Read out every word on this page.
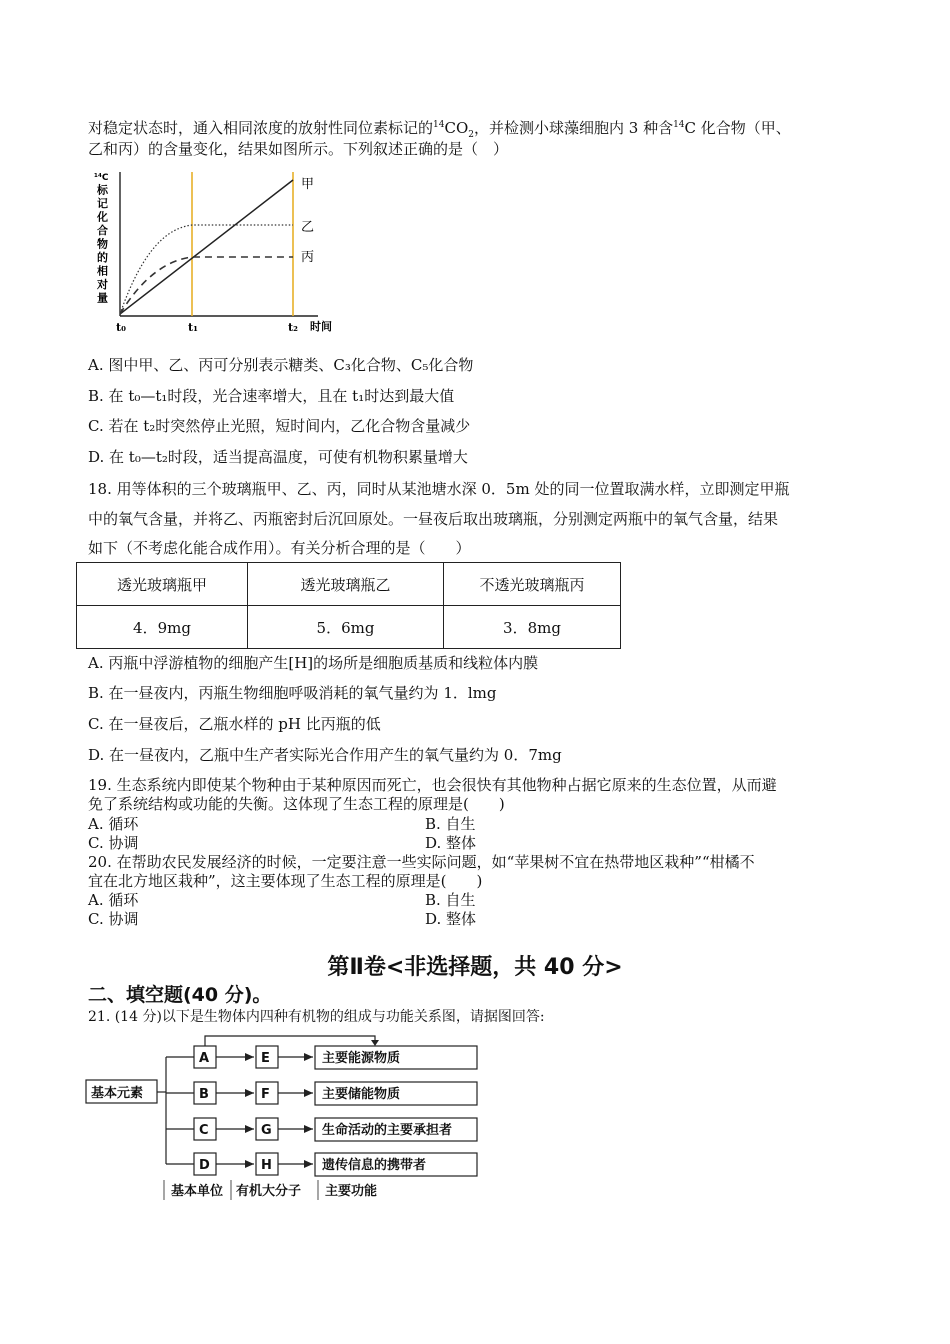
对稳定状态时，通入相同浓度的放射性同位素标记的$^{14}CO_2$，并检测小球藻细胞内 3 种含$^{14}$C 化合物（甲、
乙和丙）的含量变化，结果如图所示。下列叙述正确的是（　）
¹⁴C
标
记
化
合
物
的
相
对
量
甲
乙
丙
t₀	t₁	t₂ 时间
A. 图中甲、乙、丙可分别表示糖类、C₃化合物、C₅化合物
B. 在 t₀—t₁时段，光合速率增大，且在 t₁时达到最大值
C. 若在 t₂时突然停止光照，短时间内，乙化合物含量减少
D. 在 t₀—t₂时段，适当提高温度，可使有机物积累量增大
18. 用等体积的三个玻璃瓶甲、乙、丙，同时从某池塘水深 0．5m 处的同一位置取满水样，立即测定甲瓶
中的氧气含量，并将乙、丙瓶密封后沉回原处。一昼夜后取出玻璃瓶，分别测定两瓶中的氧气含量，结果
如下（不考虑化能合成作用）。有关分析合理的是（　　）
透光玻璃瓶甲	透光玻璃瓶乙	不透光玻璃瓶丙
4．9mg	5．6mg	3．8mg
A. 丙瓶中浮游植物的细胞产生[H]的场所是细胞质基质和线粒体内膜
B. 在一昼夜内，丙瓶生物细胞呼吸消耗的氧气量约为 1．lmg
C. 在一昼夜后，乙瓶水样的 pH 比丙瓶的低
D. 在一昼夜内，乙瓶中生产者实际光合作用产生的氧气量约为 0．7mg
19. 生态系统内即使某个物种由于某种原因而死亡，也会很快有其他物种占据它原来的生态位置，从而避
免了系统结构或功能的失衡。这体现了生态工程的原理是(　　)
A. 循环	B. 自生
C. 协调	D. 整体
20. 在帮助农民发展经济的时候，一定要注意一些实际问题，如“苹果树不宜在热带地区栽种”“柑橘不
宜在北方地区栽种”，这主要体现了生态工程的原理是(　　)
A. 循环	B. 自生
C. 协调	D. 整体
第Ⅱ卷<非选择题，共 40 分>
二、填空题(40 分)。
21. (14 分)以下是生物体内四种有机物的组成与功能关系图，请据图回答:
基本元素
A
B
C
D
E
F
G
H
主要能源物质
主要储能物质
生命活动的主要承担者
遗传信息的携带者
基本单位 有机大分子 主要功能
